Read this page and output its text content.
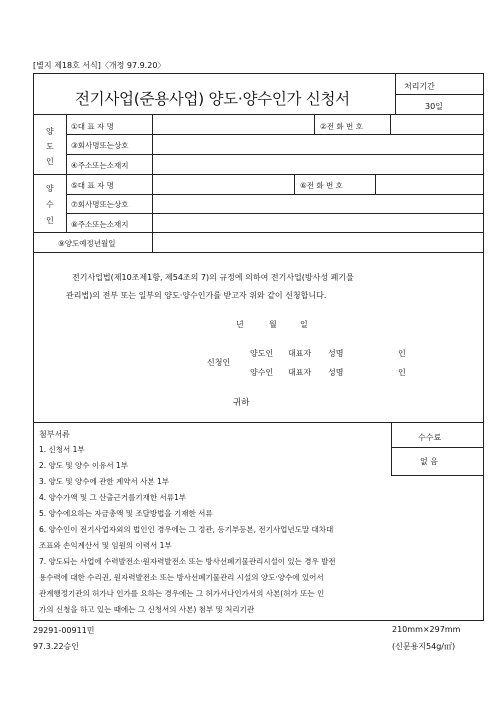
[별지 제18호 서식]〈개정 97.9.20〉
전기사업(준용사업) 양도·양수인가 신청서
처리기간
30일
양
도
인
①대 표 자 명	②전 화 번 호
③회사명또는상호
④주소또는소재지
양
수
인
⑤대 표 자 명	⑥전 화 번 호
⑦회사명또는상호
⑧주소또는소재지
⑨양도예정년월일
전기사업법(제10조제1항, 제54조의 7)의 규정에 의하여 전기사업(방사성 폐기물
관리법)의 전부 또는 일부의 양도·양수인가를 받고자 위와 같이 신청합니다.
년	월	일
신청인
양도인 대표자 성명	인
양수인 대표자 성명	인
귀하
첨부서류	수수료
없 음
1. 신청서 1부
2. 양도 및 양수 이유서 1부
3. 양도 및 양수에 관한 계약서 사본 1부
4. 양수가액 및 그 산출근거를기재한 서류1부
5. 양수에요하는 자금총액 및 조달방법을 기재한 서류
6. 양수인이 전기사업자외의 법인인 경우에는 그 정관, 등기부등본, 전기사업년도말 대차대
조표와 손익계산서 및 임원의 이력서 1부
7. 양도되는 사업에 수력발전소·원자력발전소 또는 방사선폐기물관리시설이 있는 경우 발전
용수력에 대한 수리권, 원자력발전소 또는 방사선폐기물관리 시설의 양도·양수에 있어서
관계행정기관의 허가나 인가를 요하는 경우에는 그 허가서나인가서의 사본(허가 또는 인
가의 신청을 하고 있는 때에는 그 신청서의 사본) 첨부 및 처리기관
29291-00911민
97.3.22승인
210mm×297mm
(신문용지54g/㎡)
